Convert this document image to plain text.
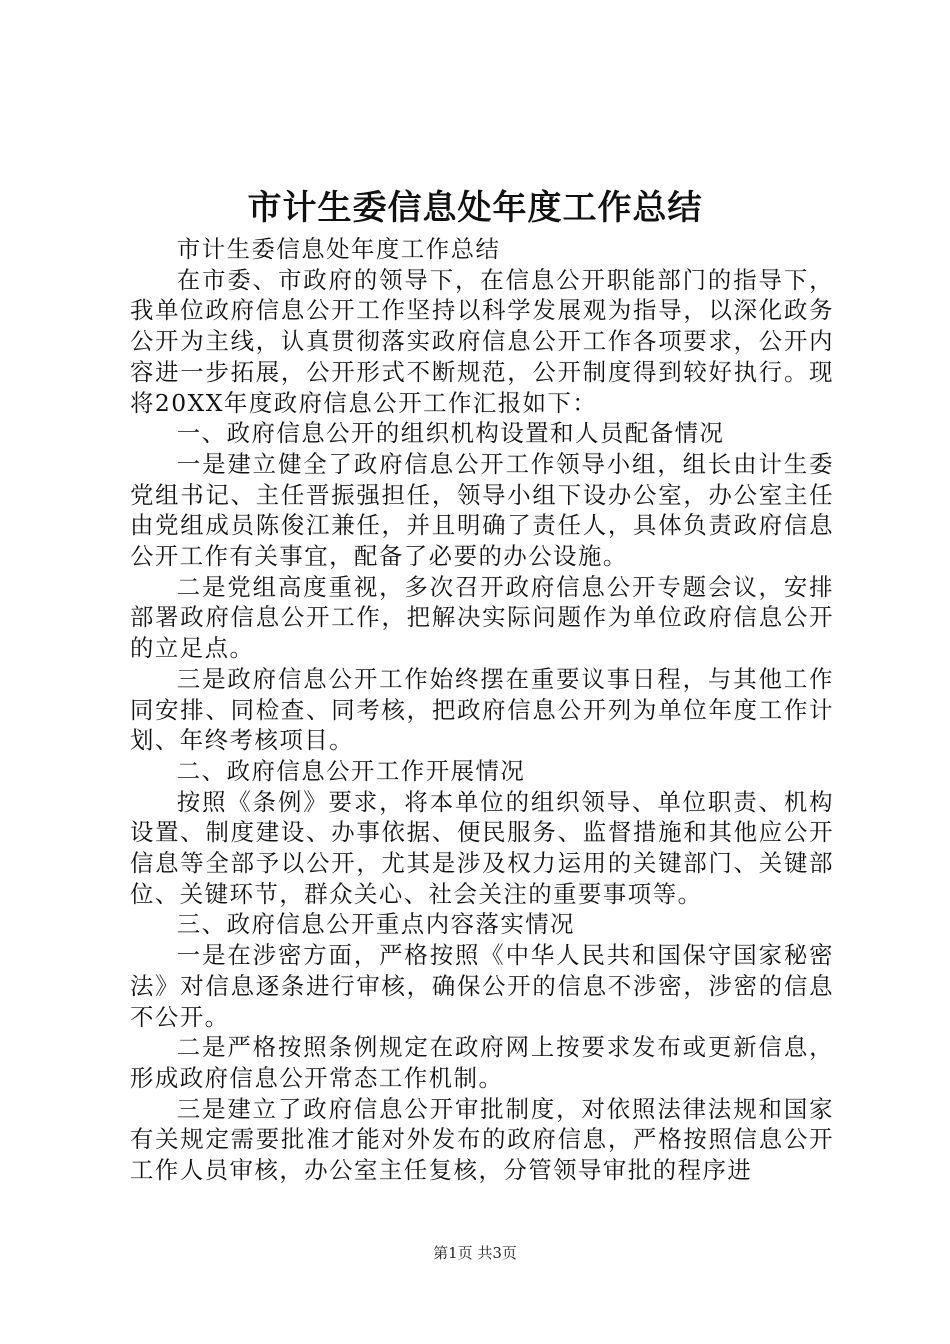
市计生委信息处年度工作总结

市计生委信息处年度工作总结

在市委、市政府的领导下，在信息公开职能部门的指导下，我单位政府信息公开工作坚持以科学发展观为指导，以深化政务公开为主线，认真贯彻落实政府信息公开工作各项要求，公开内容进一步拓展，公开形式不断规范，公开制度得到较好执行。现将20XX年度政府信息公开工作汇报如下：

一、政府信息公开的组织机构设置和人员配备情况

一是建立健全了政府信息公开工作领导小组，组长由计生委党组书记、主任晋振强担任，领导小组下设办公室，办公室主任由党组成员陈俊江兼任，并且明确了责任人，具体负责政府信息公开工作有关事宜，配备了必要的办公设施。

二是党组高度重视，多次召开政府信息公开专题会议，安排部署政府信息公开工作，把解决实际问题作为单位政府信息公开的立足点。

三是政府信息公开工作始终摆在重要议事日程，与其他工作同安排、同检查、同考核，把政府信息公开列为单位年度工作计划、年终考核项目。

二、政府信息公开工作开展情况

按照《条例》要求，将本单位的组织领导、单位职责、机构设置、制度建设、办事依据、便民服务、监督措施和其他应公开信息等全部予以公开，尤其是涉及权力运用的关键部门、关键部位、关键环节，群众关心、社会关注的重要事项等。

三、政府信息公开重点内容落实情况

一是在涉密方面，严格按照《中华人民共和国保守国家秘密法》对信息逐条进行审核，确保公开的信息不涉密，涉密的信息不公开。

二是严格按照条例规定在政府网上按要求发布或更新信息，形成政府信息公开常态工作机制。

三是建立了政府信息公开审批制度，对依照法律法规和国家有关规定需要批准才能对外发布的政府信息，严格按照信息公开工作人员审核，办公室主任复核，分管领导审批的程序进

第1页 共3页
